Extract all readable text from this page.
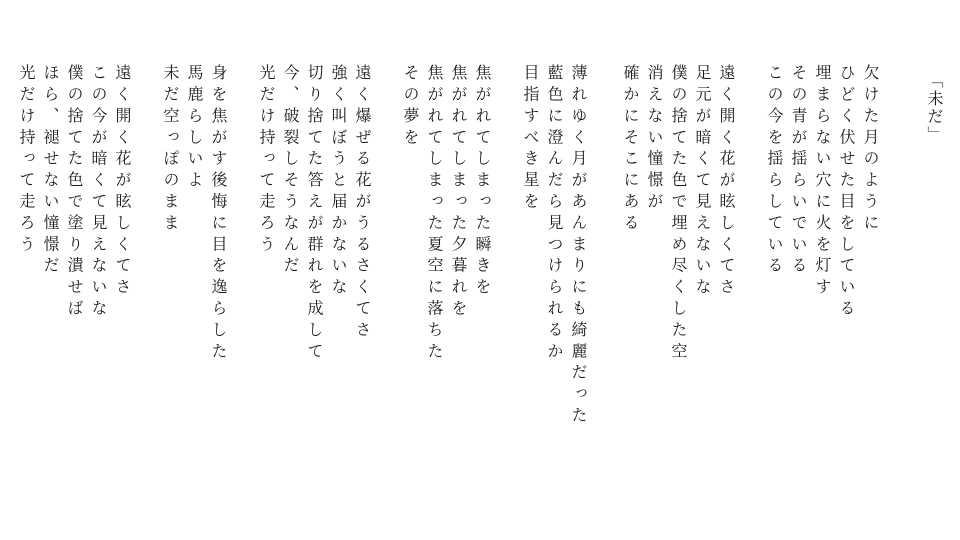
「未だ」

欠けた月のように

ひどく伏せた目をしている

埋まらない穴に火を灯す

その青が揺らいでいる

この今を揺らしている

遠く開く花が眩しくてさ

足元が暗くて見えないな

僕の捨てた色で埋め尽くした空

消えない憧憬が

確かにそこにある

薄れゆく月があんまりにも綺麗だった

藍色に澄んだら見つけられるか

目指すべき星を

焦がれてしまった瞬きを

焦がれてしまった夕暮れを

焦がれてしまった夏空に落ちた

その夢を

遠く爆ぜる花がうるさくてさ

強く叫ぼうと届かないな

切り捨てた答えが群れを成して

今、破裂しそうなんだ

光だけ持って走ろう

身を焦がす後悔に目を逸らした

馬鹿らしいよ

未だ空っぽのまま

遠く開く花が眩しくてさ

この今が暗くて見えないな

僕の捨てた色で塗り潰せば

ほら、褪せない憧憬だ

光だけ持って走ろう
